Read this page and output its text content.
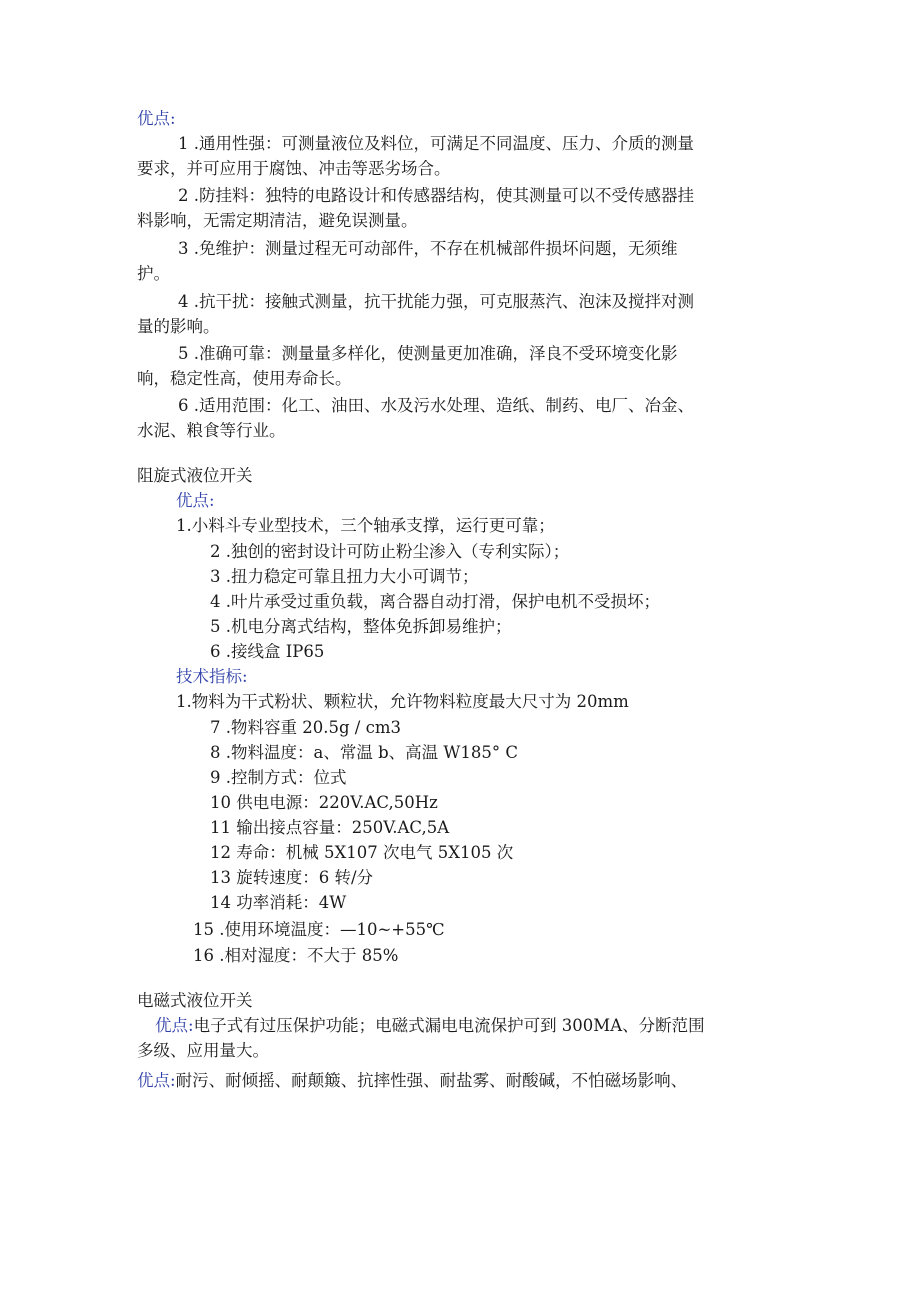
优点:
1 .通用性强：可测量液位及料位，可满足不同温度、压力、介质的测量
要求，并可应用于腐蚀、冲击等恶劣场合。
2 .防挂料：独特的电路设计和传感器结构，使其测量可以不受传感器挂
料影响，无需定期清洁，避免误测量。
3 .免维护：测量过程无可动部件，不存在机械部件损坏问题，无须维
护。
4 .抗干扰：接触式测量，抗干扰能力强，可克服蒸汽、泡沫及搅拌对测
量的影响。
5 .准确可靠：测量量多样化，使测量更加准确，泽良不受环境变化影
响，稳定性高，使用寿命长。
6 .适用范围：化工、油田、水及污水处理、造纸、制药、电厂、冶金、
水泥、粮食等行业。
阻旋式液位开关
优点:
1.小料斗专业型技术，三个轴承支撑，运行更可靠；
2 .独创的密封设计可防止粉尘渗入（专利实际）；
3 .扭力稳定可靠且扭力大小可调节；
4 .叶片承受过重负载，离合器自动打滑，保护电机不受损坏；
5 .机电分离式结构，整体免拆卸易维护；
6 .接线盒 IP65
技术指标:
1.物料为干式粉状、颗粒状，允许物料粒度最大尺寸为 20mm
7 .物料容重 20.5g / cm3
8 .物料温度：a、常温 b、高温 W185° C
9 .控制方式：位式
10 供电电源：220V.AC,50Hz
11 输出接点容量：250V.AC,5A
12 寿命：机械 5X107 次电气 5X105 次
13 旋转速度：6 转/分
14 功率消耗：4W
15 .使用环境温度：—10~+55℃
16 .相对湿度：不大于 85%
电磁式液位开关
优点:电子式有过压保护功能；电磁式漏电电流保护可到 300MA、分断范围
多级、应用量大。
优点:耐污、耐倾摇、耐颠簸、抗摔性强、耐盐雾、耐酸碱，不怕磁场影响、
